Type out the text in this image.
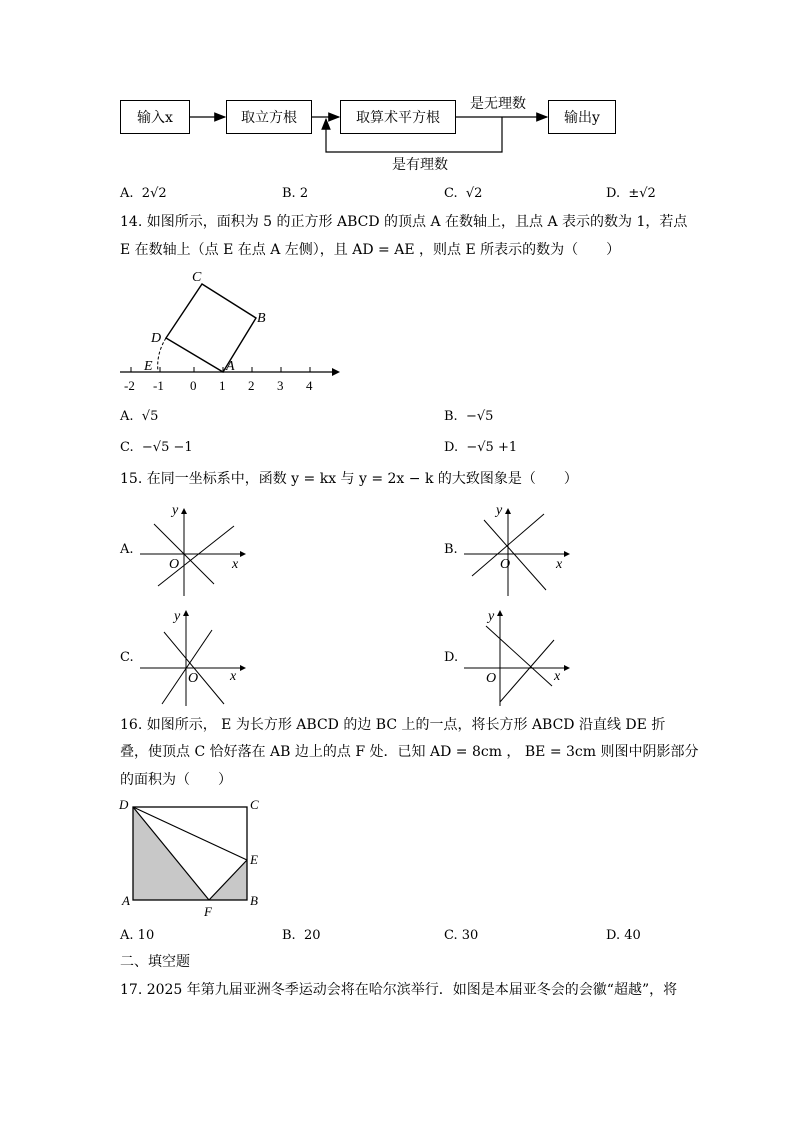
输入x	取立方根	取算术平方根	输出y
是无理数
是有理数
A. 2√2	B. 2	C. √2	D. ±√2
14. 如图所示，面积为 5 的正方形 ABCD 的顶点 A 在数轴上，且点 A 表示的数为 1，若点
E 在数轴上（点 E 在点 A 左侧），且 AD = AE ，则点 E 所表示的数为（　　）
-2 -1 0 1 2 3 4
C
B
D
A
E
A. √5	B. −√5
C. −√5 −1	D. −√5 +1
15. 在同一坐标系中，函数 y = kx 与 y = 2x − k 的大致图象是（　　）
A.
y
x
O
B.
y
x
O
C.
y
x
O
D.
y
x
O
16. 如图所示， E 为长方形 ABCD 的边 BC 上的一点，将长方形 ABCD 沿直线 DE 折
叠，使顶点 C 恰好落在 AB 边上的点 F 处．已知 AD = 8cm ， BE = 3cm 则图中阴影部分
的面积为（　　）
D	C
E
A
F
B
A. 10	B. 20	C. 30	D. 40
二、填空题
17. 2025 年第九届亚洲冬季运动会将在哈尔滨举行．如图是本届亚冬会的会徽“超越”，将
